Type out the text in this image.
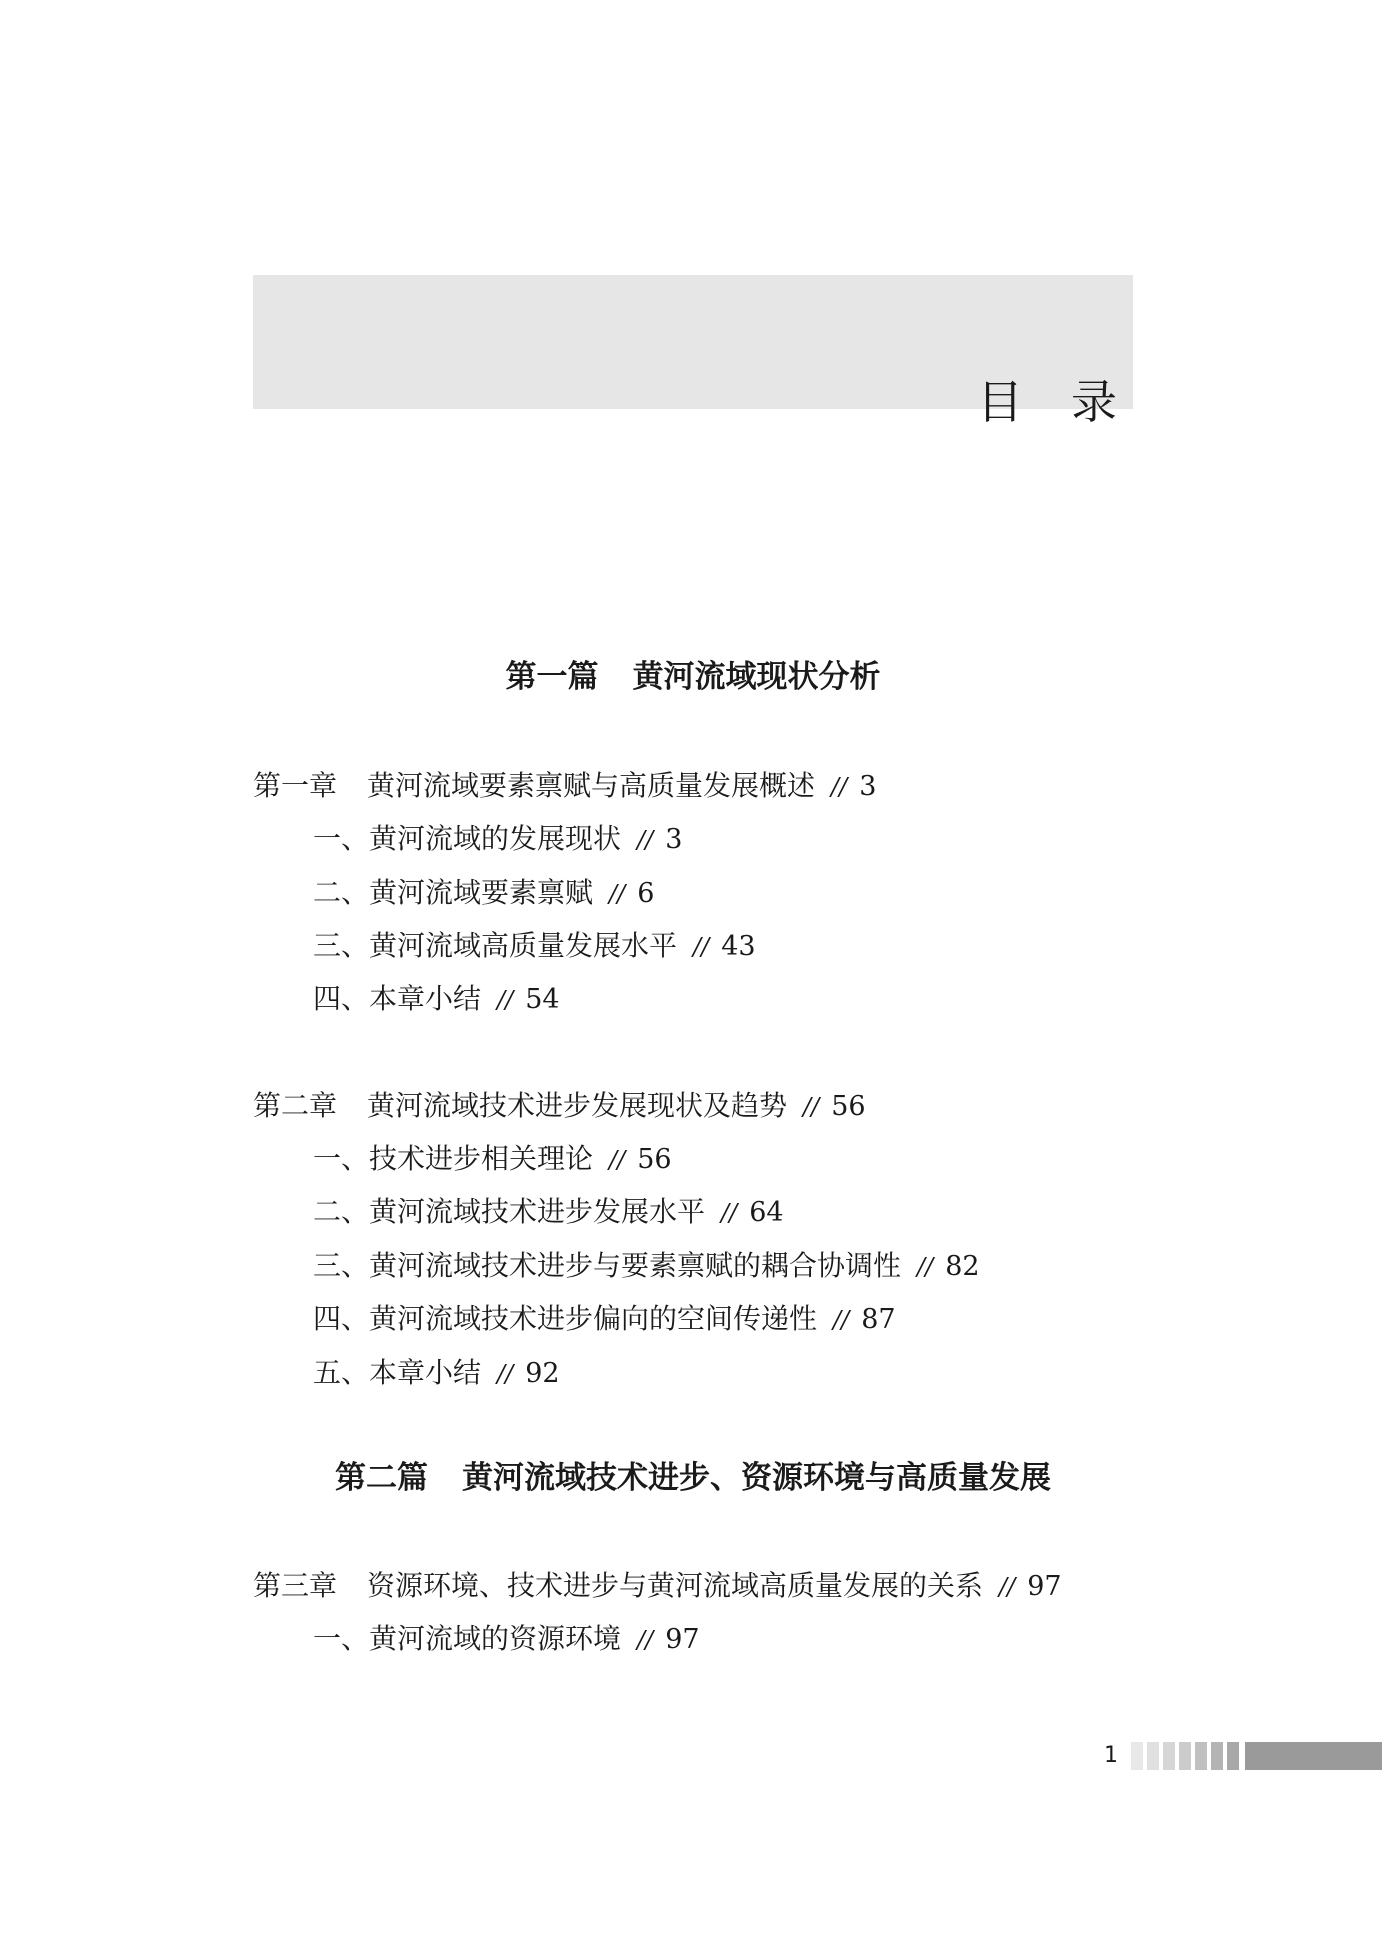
目录
第一篇 黄河流域现状分析
第一章 黄河流域要素禀赋与高质量发展概述 // 3
一、黄河流域的发展现状 // 3
二、黄河流域要素禀赋 // 6
三、黄河流域高质量发展水平 // 43
四、本章小结 // 54
第二章 黄河流域技术进步发展现状及趋势 // 56
一、技术进步相关理论 // 56
二、黄河流域技术进步发展水平 // 64
三、黄河流域技术进步与要素禀赋的耦合协调性 // 82
四、黄河流域技术进步偏向的空间传递性 // 87
五、本章小结 // 92
第二篇 黄河流域技术进步、资源环境与高质量发展
第三章 资源环境、技术进步与黄河流域高质量发展的关系 // 97
一、黄河流域的资源环境 // 97
1
